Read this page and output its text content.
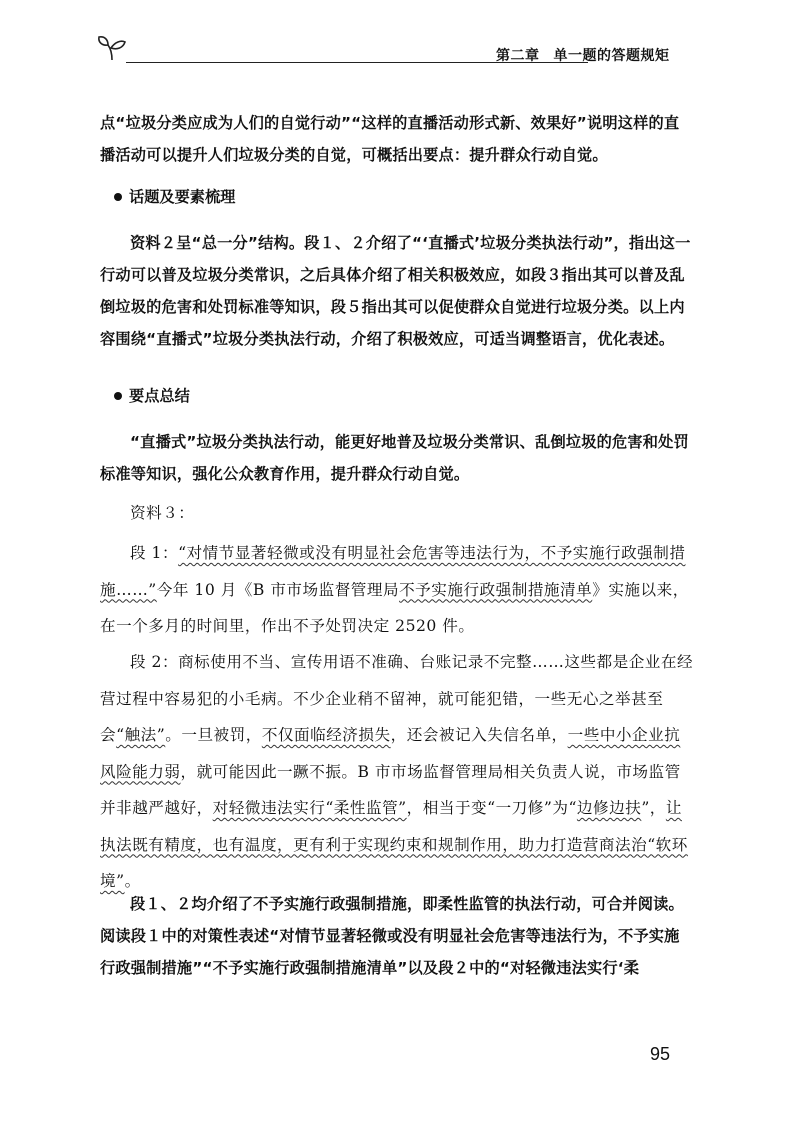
第二章 单一题的答题规矩

点“垃圾分类应成为人们的自觉行动”“这样的直播活动形式新、效果好”说明这样的直播活动可以提升人们垃圾分类的自觉，可概括出要点：提升群众行动自觉。

话题及要素梳理

资料２呈“总一分”结构。段１、２介绍了“‘直播式’垃圾分类执法行动”，指出这一行动可以普及垃圾分类常识，之后具体介绍了相关积极效应，如段３指出其可以普及乱倒垃圾的危害和处罚标准等知识，段５指出其可以促使群众自觉进行垃圾分类。以上内容围绕“直播式”垃圾分类执法行动，介绍了积极效应，可适当调整语言，优化表述。

要点总结

“直播式”垃圾分类执法行动，能更好地普及垃圾分类常识、乱倒垃圾的危害和处罚标准等知识，强化公众教育作用，提升群众行动自觉。

资料３：

段 1：“对情节显著轻微或没有明显社会危害等违法行为，不予实施行政强制措施……”今年 10 月《B 市市场监督管理局不予实施行政强制措施清单》实施以来，在一个多月的时间里，作出不予处罚决定 2520 件。

段 2：商标使用不当、宣传用语不准确、台账记录不完整……这些都是企业在经营过程中容易犯的小毛病。不少企业稍不留神，就可能犯错，一些无心之举甚至会“触法”。一旦被罚，不仅面临经济损失，还会被记入失信名单，一些中小企业抗风险能力弱，就可能因此一蹶不振。B 市市场监督管理局相关负责人说，市场监管并非越严越好，对轻微违法实行“柔性监管”，相当于变“一刀修”为“边修边扶”，让执法既有精度，也有温度，更有利于实现约束和规制作用，助力打造营商法治“软环境”。

段１、２均介绍了不予实施行政强制措施，即柔性监管的执法行动，可合并阅读。阅读段１中的对策性表述“对情节显著轻微或没有明显社会危害等违法行为，不予实施行政强制措施”“不予实施行政强制措施清单”以及段２中的“对轻微违法实行‘柔

95
